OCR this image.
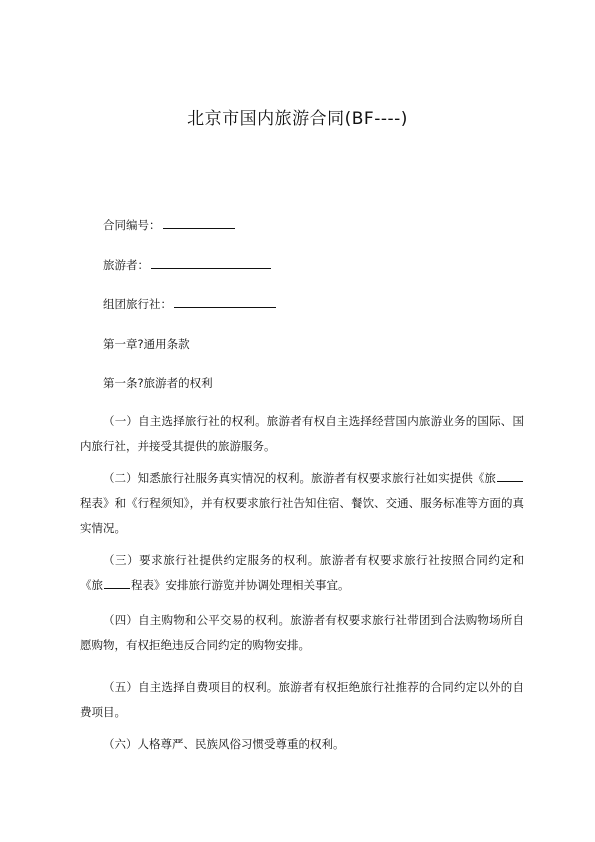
北京市国内旅游合同(BF----)
合同编号：
旅游者：
组团旅行社：
第一章?通用条款
第一条?旅游者的权利
（一）自主选择旅行社的权利。旅游者有权自主选择经营国内旅游业务的国际、国内旅行社，并接受其提供的旅游服务。
（二）知悉旅行社服务真实情况的权利。旅游者有权要求旅行社如实提供《旅程表》和《行程须知》，并有权要求旅行社告知住宿、餐饮、交通、服务标准等方面的真实情况。
（三）要求旅行社提供约定服务的权利。旅游者有权要求旅行社按照合同约定和《旅 程表》安排旅行游览并协调处理相关事宜。
（四）自主购物和公平交易的权利。旅游者有权要求旅行社带团到合法购物场所自愿购物，有权拒绝违反合同约定的购物安排。
（五）自主选择自费项目的权利。旅游者有权拒绝旅行社推荐的合同约定以外的自费项目。
（六）人格尊严、民族风俗习惯受尊重的权利。
